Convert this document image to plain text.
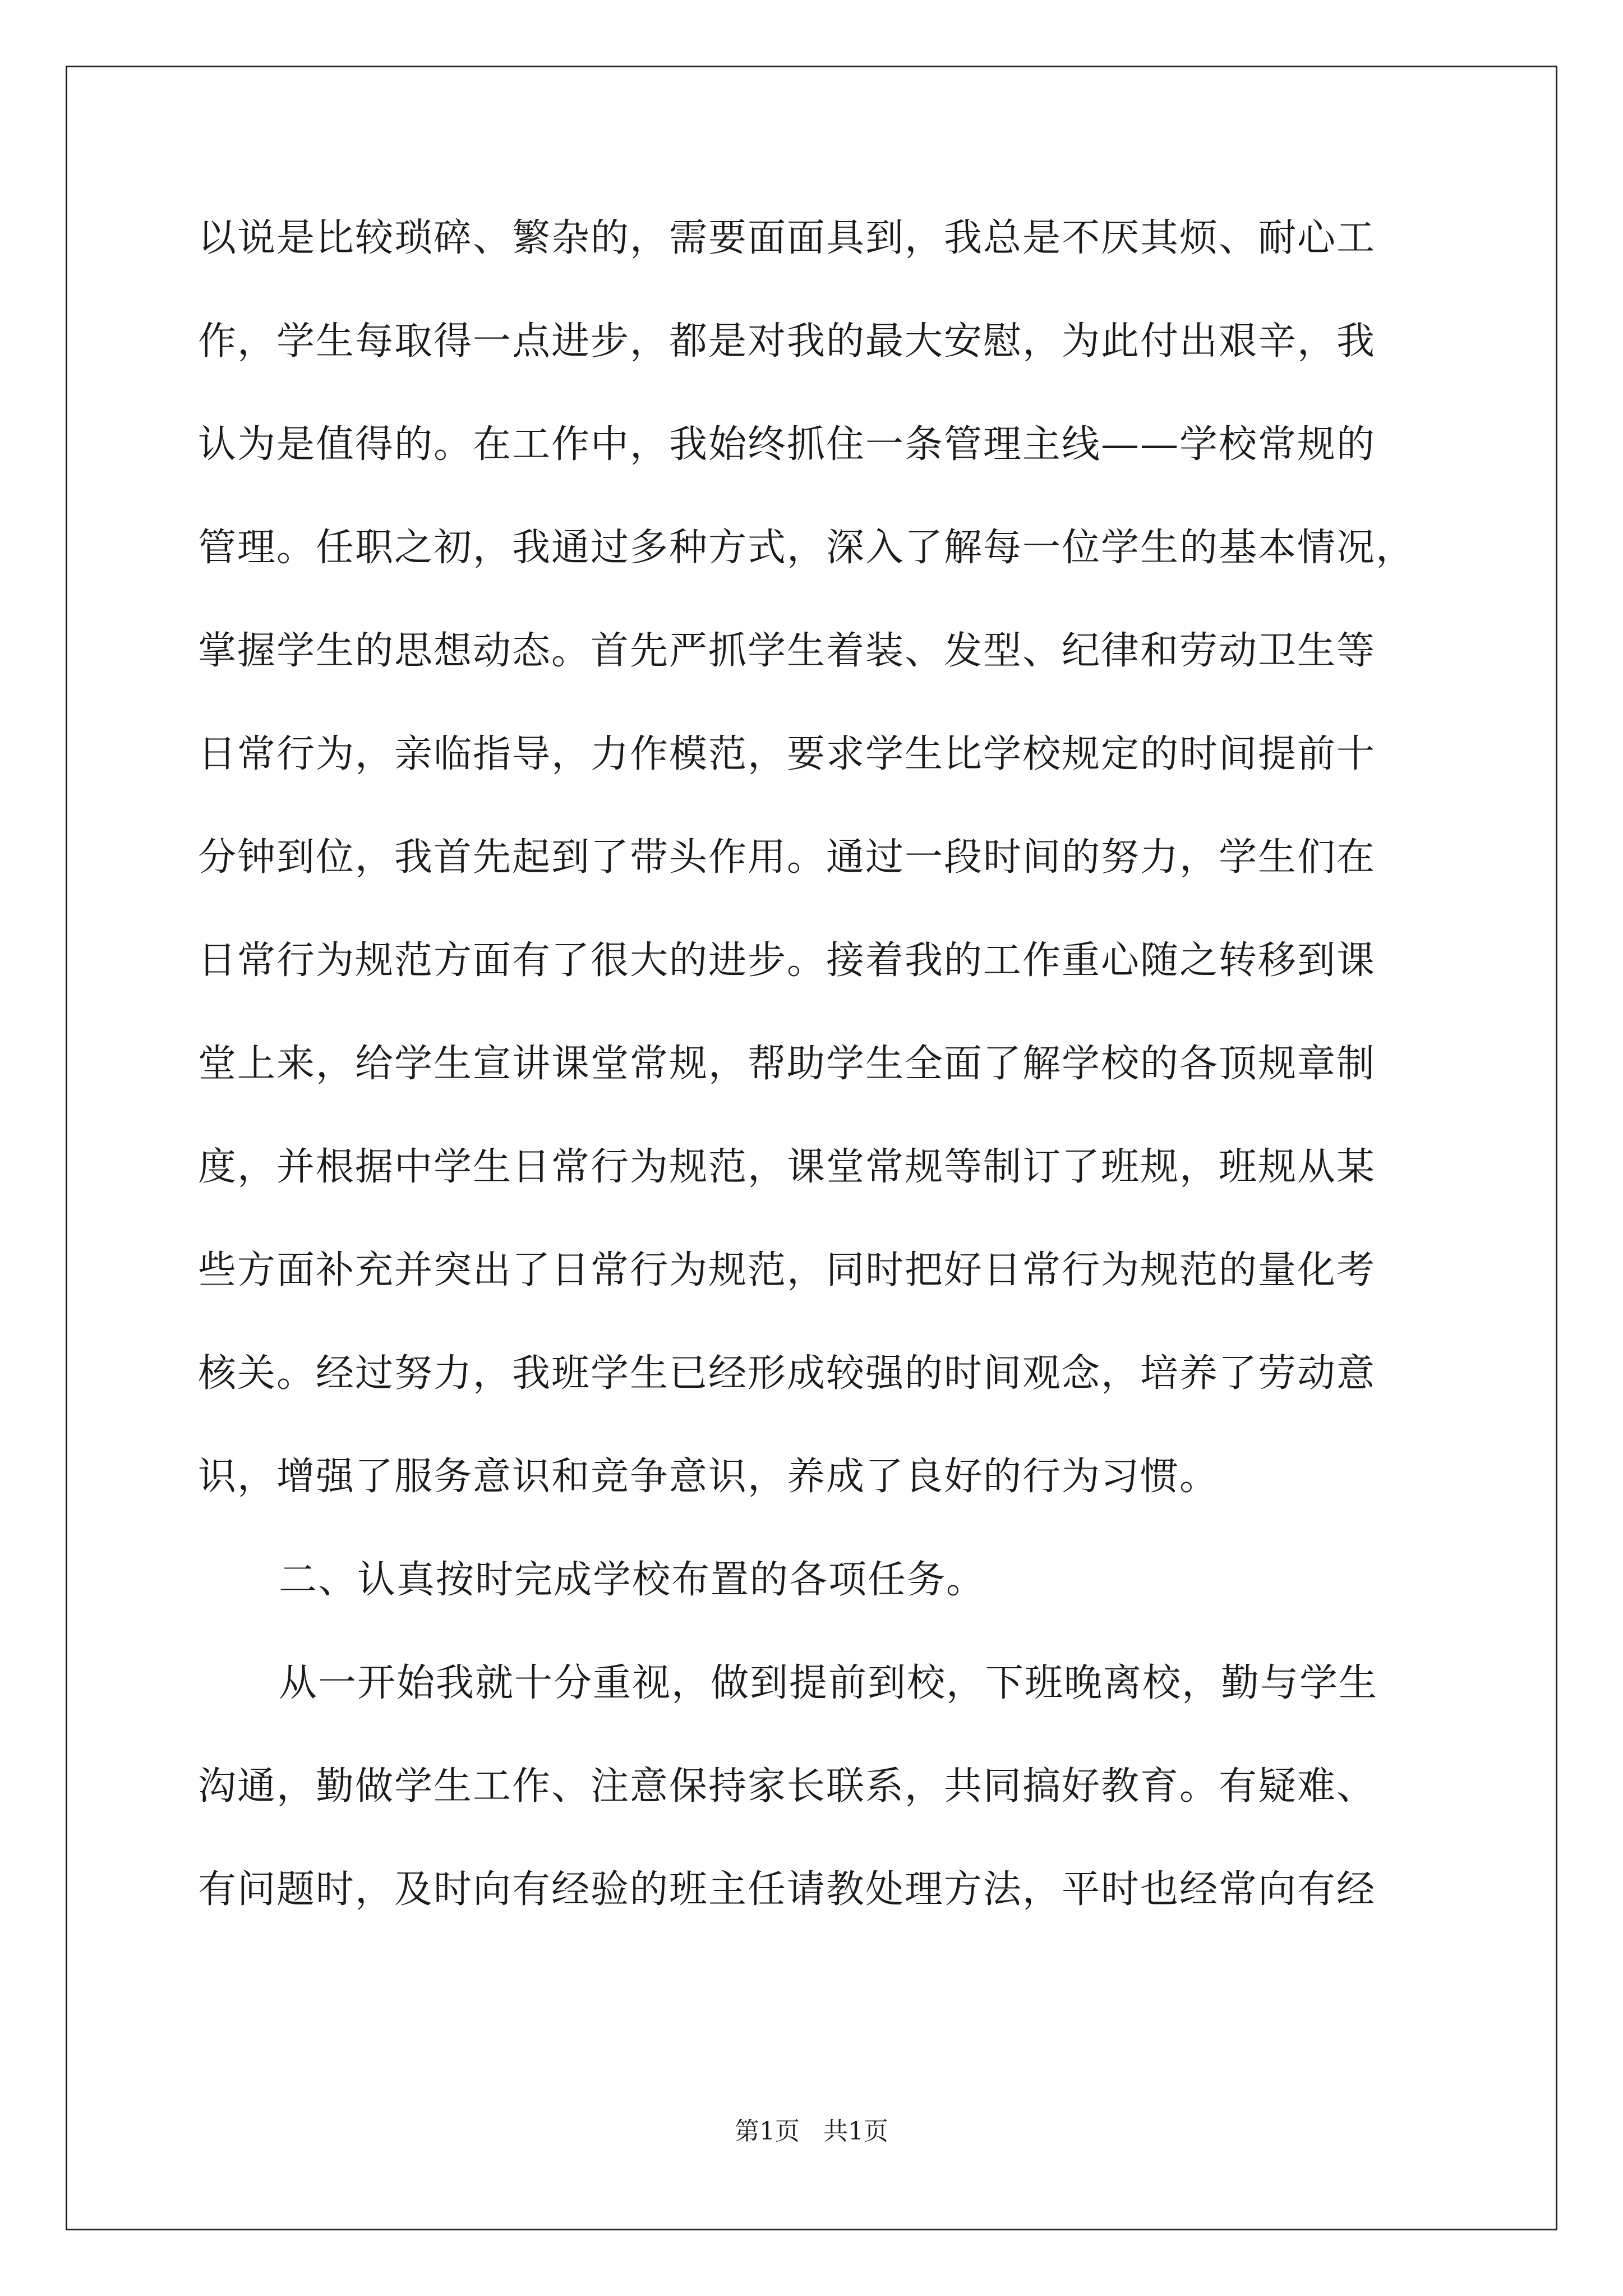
以说是比较琐碎、繁杂的，需要面面具到，我总是不厌其烦、耐心工
作，学生每取得一点进步，都是对我的最大安慰，为此付出艰辛，我
认为是值得的。在工作中，我始终抓住一条管理主线——学校常规的
管理。任职之初，我通过多种方式，深入了解每一位学生的基本情况，
掌握学生的思想动态。首先严抓学生着装、发型、纪律和劳动卫生等
日常行为，亲临指导，力作模范，要求学生比学校规定的时间提前十
分钟到位，我首先起到了带头作用。通过一段时间的努力，学生们在
日常行为规范方面有了很大的进步。接着我的工作重心随之转移到课
堂上来，给学生宣讲课堂常规，帮助学生全面了解学校的各顶规章制
度，并根据中学生日常行为规范，课堂常规等制订了班规，班规从某
些方面补充并突出了日常行为规范，同时把好日常行为规范的量化考
核关。经过努力，我班学生已经形成较强的时间观念，培养了劳动意
识，增强了服务意识和竞争意识，养成了良好的行为习惯。
二、认真按时完成学校布置的各项任务。
从一开始我就十分重视，做到提前到校，下班晚离校，勤与学生
沟通，勤做学生工作、注意保持家长联系，共同搞好教育。有疑难、
有问题时，及时向有经验的班主任请教处理方法，平时也经常向有经
第1页   共1页
